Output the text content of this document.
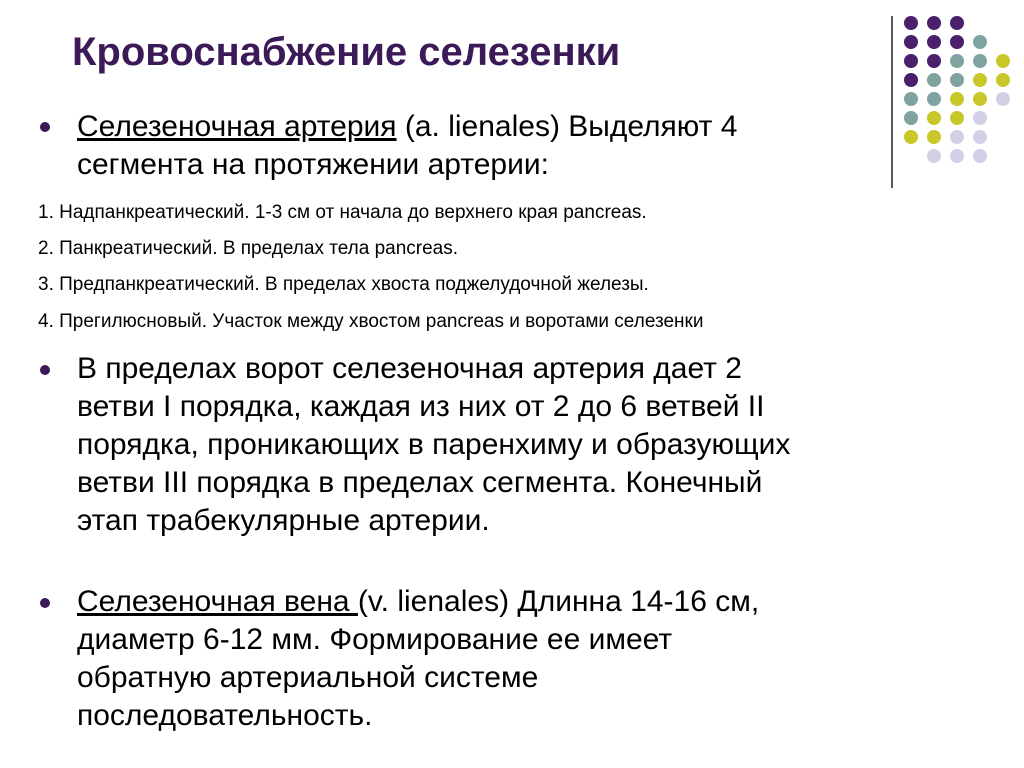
Кровоснабжение селезенки

Селезеночная артерия (a. lienales) Выделяют 4
сегмента на протяжении артерии:

1. Надпанкреатический. 1-3 см от начала до верхнего края pancreas.

2. Панкреатический. В пределах тела pancreas.

3. Предпанкреатический. В пределах хвоста поджелудочной железы.

4. Прегилюсновый. Участок между хвостом pancreas и воротами селезенки

В пределах ворот селезеночная артерия дает 2
ветви I порядка, каждая из них от 2 до 6 ветвей II
порядка, проникающих в паренхиму и образующих
ветви III порядка в пределах сегмента. Конечный
этап трабекулярные артерии.

Селезеночная вена (v. lienales) Длинна 14-16 см,
диаметр 6-12 мм. Формирование ее имеет
обратную артериальной системе
последовательность.
